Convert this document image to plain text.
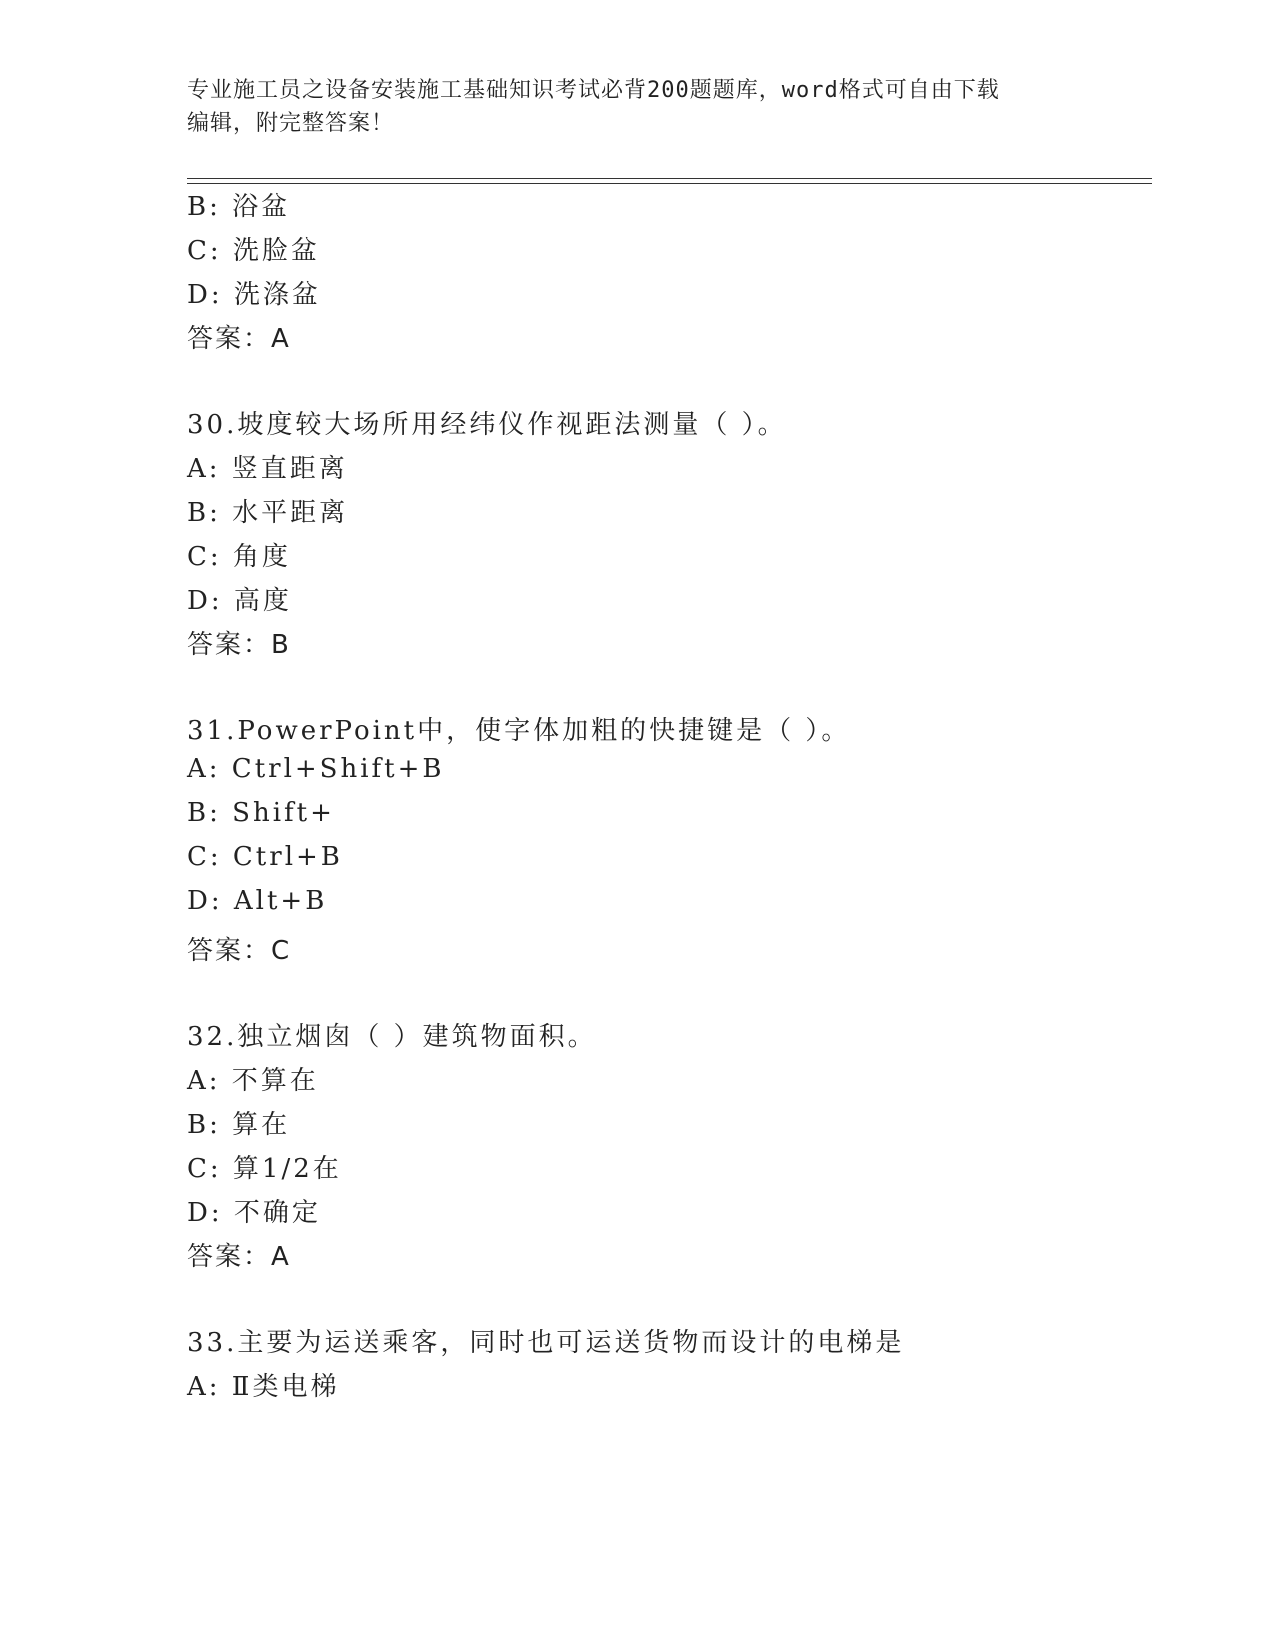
专业施工员之设备安装施工基础知识考试必背200题题库，word格式可自由下载
编辑，附完整答案！
B: 浴盆
C: 洗脸盆
D: 洗涤盆
答案：A
30.坡度较大场所用经纬仪作视距法测量（ ）。
A: 竖直距离
B: 水平距离
C: 角度
D: 高度
答案：B
31.PowerPoint中，使字体加粗的快捷键是（ ）。
A: Ctrl+Shift+B
B: Shift+
C: Ctrl+B
D: Alt+B
答案：C
32.独立烟囱（ ）建筑物面积。
A: 不算在
B: 算在
C: 算1/2在
D: 不确定
答案：A
33.主要为运送乘客，同时也可运送货物而设计的电梯是
A: Ⅱ类电梯
